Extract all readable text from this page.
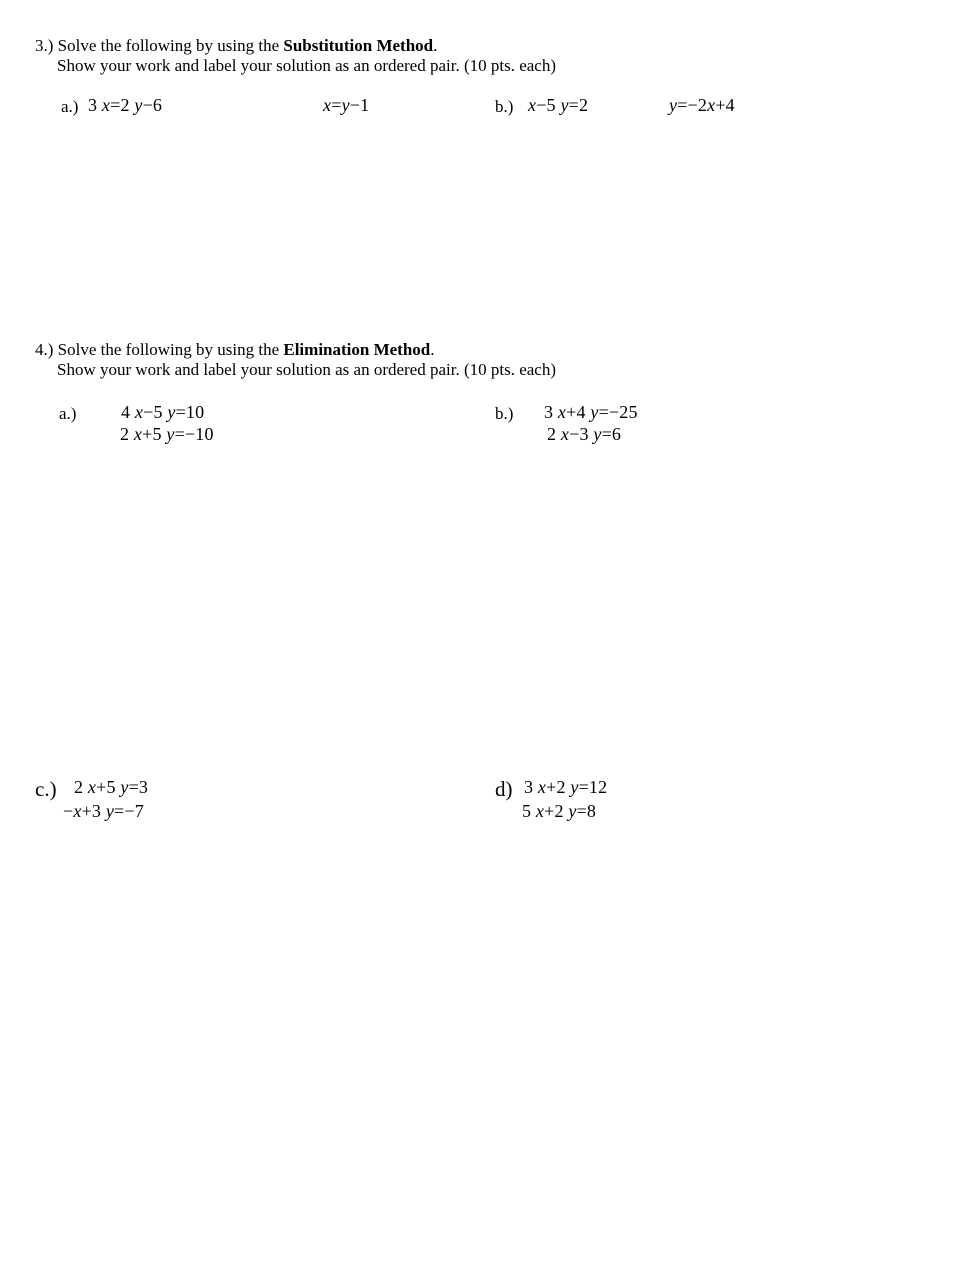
3.) Solve the following by using the Substitution Method.
Show your work and label your solution as an ordered pair. (10 pts. each)
a.) 3 x=2 y−6	x=y−1	b.) x−5 y=2	y=−2x+4
4.) Solve the following by using the Elimination Method.
Show your work and label your solution as an ordered pair. (10 pts. each)
a.) 4 x−5 y=10
2 x+5 y=−10
b.) 3 x+4 y=−25
2 x−3 y=6
c.) 2 x+5 y=3
−x+3 y=−7
d) 3 x+2 y=12
5 x+2 y=8
